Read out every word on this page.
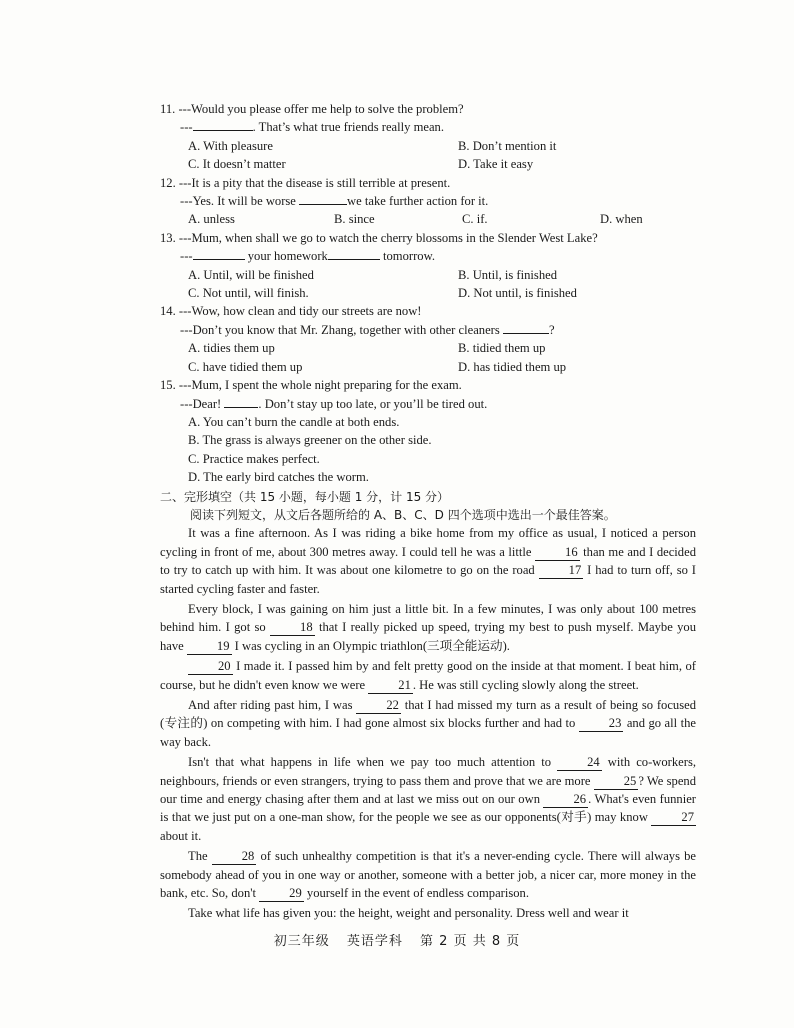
11. ---Would you please offer me help to solve the problem?
---	. That’s what true friends really mean.
A. With pleasure	B. Don’t mention it
C. It doesn’t matter	D. Take it easy
12. ---It is a pity that the disease is still terrible at present.
---Yes. It will be worse	we take further action for it.
A. unless	B. since	C. if.	D. when
13. ---Mum, when shall we go to watch the cherry blossoms in the Slender West Lake?
---	your homework	tomorrow.
A. Until, will be finished	B. Until, is finished
C. Not until, will finish.	D. Not until, is finished
14. ---Wow, how clean and tidy our streets are now!
---Don’t you know that Mr. Zhang, together with other cleaners	?
A. tidies them up	B. tidied them up
C. have tidied them up	D. has tidied them up
15. ---Mum, I spent the whole night preparing for the exam.
---Dear!	. Don’t stay up too late, or you’ll be tired out.
A. You can’t burn the candle at both ends.
B. The grass is always greener on the other side.
C. Practice makes perfect.
D. The early bird catches the worm.
二、完形填空（共 15 小题，每小题 1 分，计 15 分）
阅读下列短文，从文后各题所给的 A、B、C、D 四个选项中选出一个最佳答案。

It was a fine afternoon. As I was riding a bike home from my office as usual, I noticed a person cycling in front of me, about 300 metres away. I could tell he was a little 16 than me and I decided to try to catch up with him. It was about one kilometre to go on the road 17 I had to turn off, so I started cycling faster and faster.

Every block, I was gaining on him just a little bit. In a few minutes, I was only about 100 metres behind him. I got so 18 that I really picked up speed, trying my best to push myself. Maybe you have 19 I was cycling in an Olympic triathlon(三项全能运动).

20 I made it. I passed him by and felt pretty good on the inside at that moment. I beat him, of course, but he didn't even know we were 21 . He was still cycling slowly along the street.

And after riding past him, I was 22 that I had missed my turn as a result of being so focused (专注的) on competing with him. I had gone almost six blocks further and had to 23 and go all the way back.

Isn't that what happens in life when we pay too much attention to 24 with co-workers, neighbours, friends or even strangers, trying to pass them and prove that we are more 25 ? We spend our time and energy chasing after them and at last we miss out on our own 26 . What's even funnier is that we just put on a one-man show, for the people we see as our opponents(对手) may know 27 about it.

The 28 of such unhealthy competition is that it's a never-ending cycle. There will always be somebody ahead of you in one way or another, someone with a better job, a nicer car, more money in the bank, etc. So, don't 29 yourself in the event of endless comparison.

Take what life has given you: the height, weight and personality. Dress well and wear it

初三年级 英语学科 第 2 页 共 8 页
